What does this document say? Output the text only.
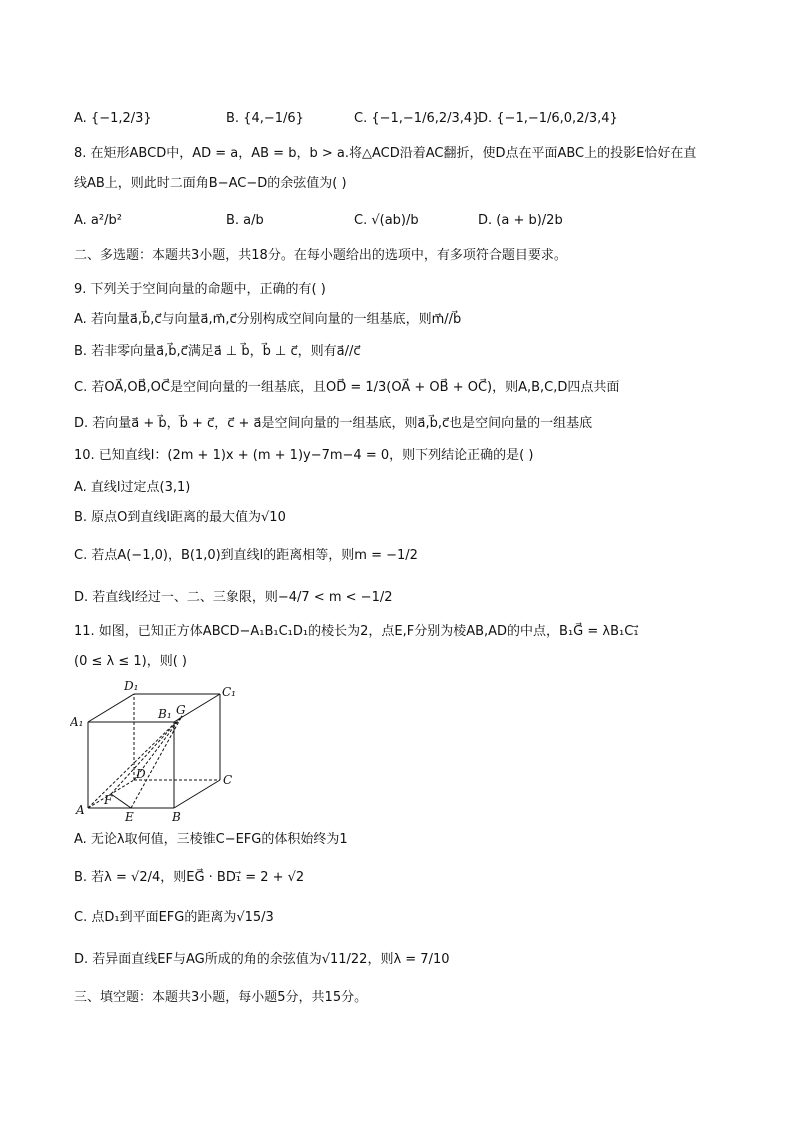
A. {−1,2/3}	B. {4,−1/6}	C. {−1,−1/6,2/3,4}
D. {−1,−1/6,0,2/3,4}
8. 在矩形ABCD中，AD = a，AB = b，b > a.将△ACD沿着AC翻折，使D点在平面ABC上的投影E恰好在直
线AB上，则此时二面角B−AC−D的余弦值为( )
A. a²/b²	B. a/b	C. √(ab)/b	D. (a + b)/2b
二、多选题：本题共3小题，共18分。在每小题给出的选项中，有多项符合题目要求。
9. 下列关于空间向量的命题中，正确的有( )
A. 若向量a⃗,b⃗,c⃗与向量a⃗,m⃗,c⃗分别构成空间向量的一组基底，则m⃗//b⃗
B. 若非零向量a⃗,b⃗,c⃗满足a⃗ ⊥ b⃗，b⃗ ⊥ c⃗，则有a⃗//c⃗
C. 若OA⃗,OB⃗,OC⃗是空间向量的一组基底，且OD⃗ = 1/3(OA⃗ + OB⃗ + OC⃗)，则A,B,C,D四点共面
D. 若向量a⃗ + b⃗，b⃗ + c⃗，c⃗ + a⃗是空间向量的一组基底，则a⃗,b⃗,c⃗也是空间向量的一组基底
10. 已知直线l：(2m + 1)x + (m + 1)y−7m−4 = 0，则下列结论正确的是( )
A. 直线l过定点(3,1)
B. 原点O到直线l距离的最大值为√10
C. 若点A(−1,0)，B(1,0)到直线l的距离相等，则m = −1/2
D. 若直线l经过一、二、三象限，则−4/7 < m < −1/2
11. 如图，已知正方体ABCD−A₁B₁C₁D₁的棱长为2，点E,F分别为棱AB,AD的中点，B₁G⃗ = λB₁C₁⃗
(0 ≤ λ ≤ 1)，则( )
A	B
C
D
A₁
B₁
C₁
D₁
E
F
G
A. 无论λ取何值，三棱锥C−EFG的体积始终为1
B. 若λ = √2/4，则EG⃗ · BD₁⃗ = 2 + √2
C. 点D₁到平面EFG的距离为√15/3
D. 若异面直线EF与AG所成的角的余弦值为√11/22，则λ = 7/10
三、填空题：本题共3小题，每小题5分，共15分。
